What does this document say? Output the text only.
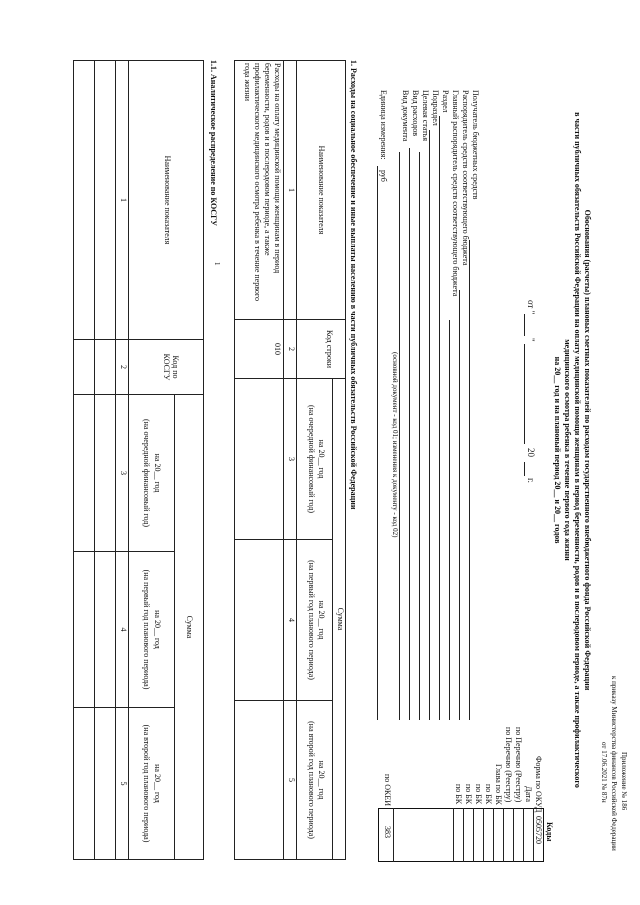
Приложение № 186
к приказу Министерства финансов Российской Федерации
от 17.06.2021 № 87н
Обоснования (расчеты) плановых сметных показателей по расходам государственного внебюджетного фонда Российской Федерации
в части публичных обязательств Российской Федерации на оплату медицинской помощи женщинам в период беременности, родов и в послеродовом периоде, а также профилактического
медицинского осмотра ребенка в течение первого года жизни
на 20__ год и на плановый период 20__ и 20__ годов
от "
"
20
г.
Коды
0505720
383
Форма по ОКУД
Дата
по Перечню (Реестру)
по Перечню (Реестру)
Глава по БК
по БК
по БК
по БК
по БК
по ОКЕИ
Получатель бюджетных средств
Распорядитель средств соответствующего бюджета
Главный распорядитель средств соответствующего бюджета
Раздел
Подраздел
Целевая статья
Вид расходов
Вид документа
(основной документ - код 01; изменения к документу - код 02)
Единица измерения:
руб
1. Расходы на социальное обеспечение и иные выплаты населению в части публичных обязательств Российской Федерации
Наименование показателя
Код строки
Сумма
на 20__ год
(на очередной финансовый год)
на 20__ год
(на первый год планового периода)
на 20__ год
(на второй год планового периода)
1
2
3
4
5
Расходы на оплату медицинской помощи женщинам в период беременности, родов и в послеродовом периоде, а также профилактического медицинского осмотра ребенка в течение первого года жизни
010
1.1. Аналитическое распределение по КОСГУ
1
Наименование показателя
Код по КОСГУ
Сумма
на 20__ год
(на очередной финансовый год)
на 20__ год
(на первый год планового периода)
на 20__ год
(на второй год планового периода)
1
2
3
4
5
